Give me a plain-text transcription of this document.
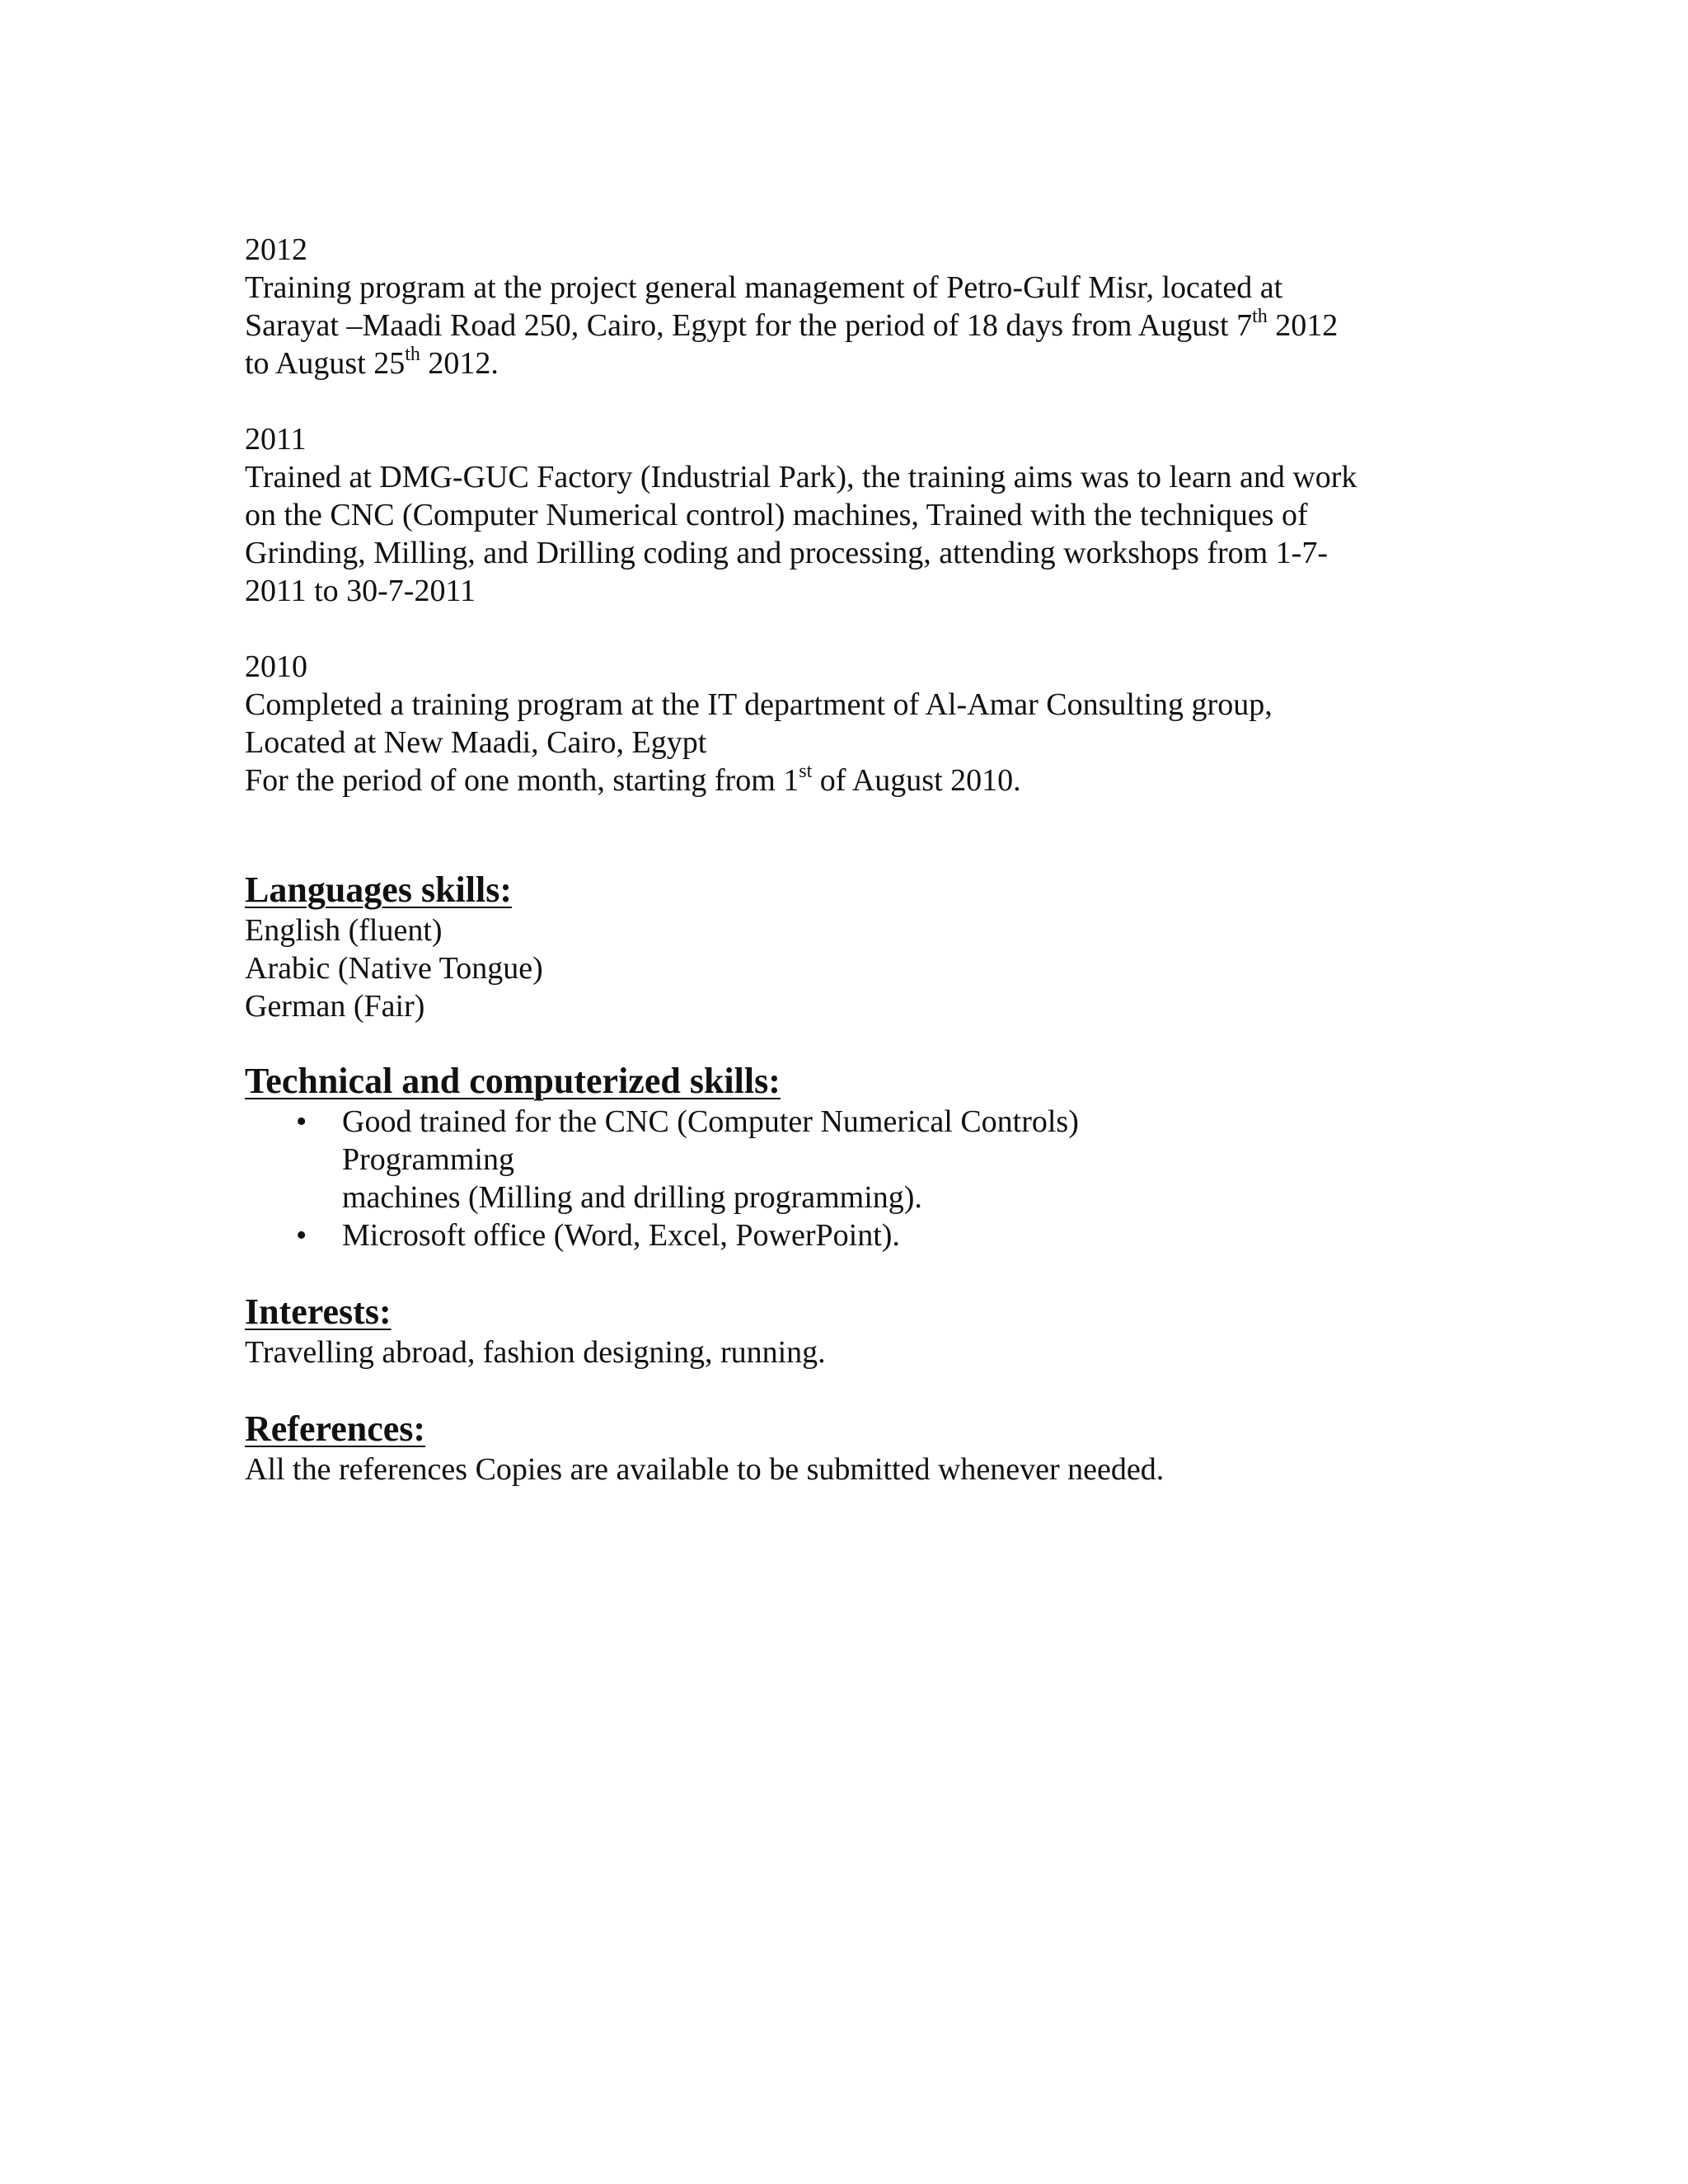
2012

Training program at the project general management of Petro-Gulf Misr, located at

Sarayat –Maadi Road 250, Cairo, Egypt for the period of 18 days from August 7th 2012

to August 25th 2012.

2011

Trained at DMG-GUC Factory (Industrial Park), the training aims was to learn and work

on the CNC (Computer Numerical control) machines, Trained with the techniques of

Grinding, Milling, and Drilling coding and processing, attending workshops from 1-7-

2011 to 30-7-2011

2010

Completed a training program at the IT department of Al-Amar Consulting group,

Located at New Maadi, Cairo, Egypt

For the period of one month, starting from 1st of August 2010.

Languages skills:

English (fluent)

Arabic (Native Tongue)

German (Fair)

Technical and computerized skills:
• Good trained for the CNC (Computer Numerical Controls) Programming
machines (Milling and drilling programming).
• Microsoft office (Word, Excel, PowerPoint).
Interests:

Travelling abroad, fashion designing, running.

References:

All the references Copies are available to be submitted whenever needed.
